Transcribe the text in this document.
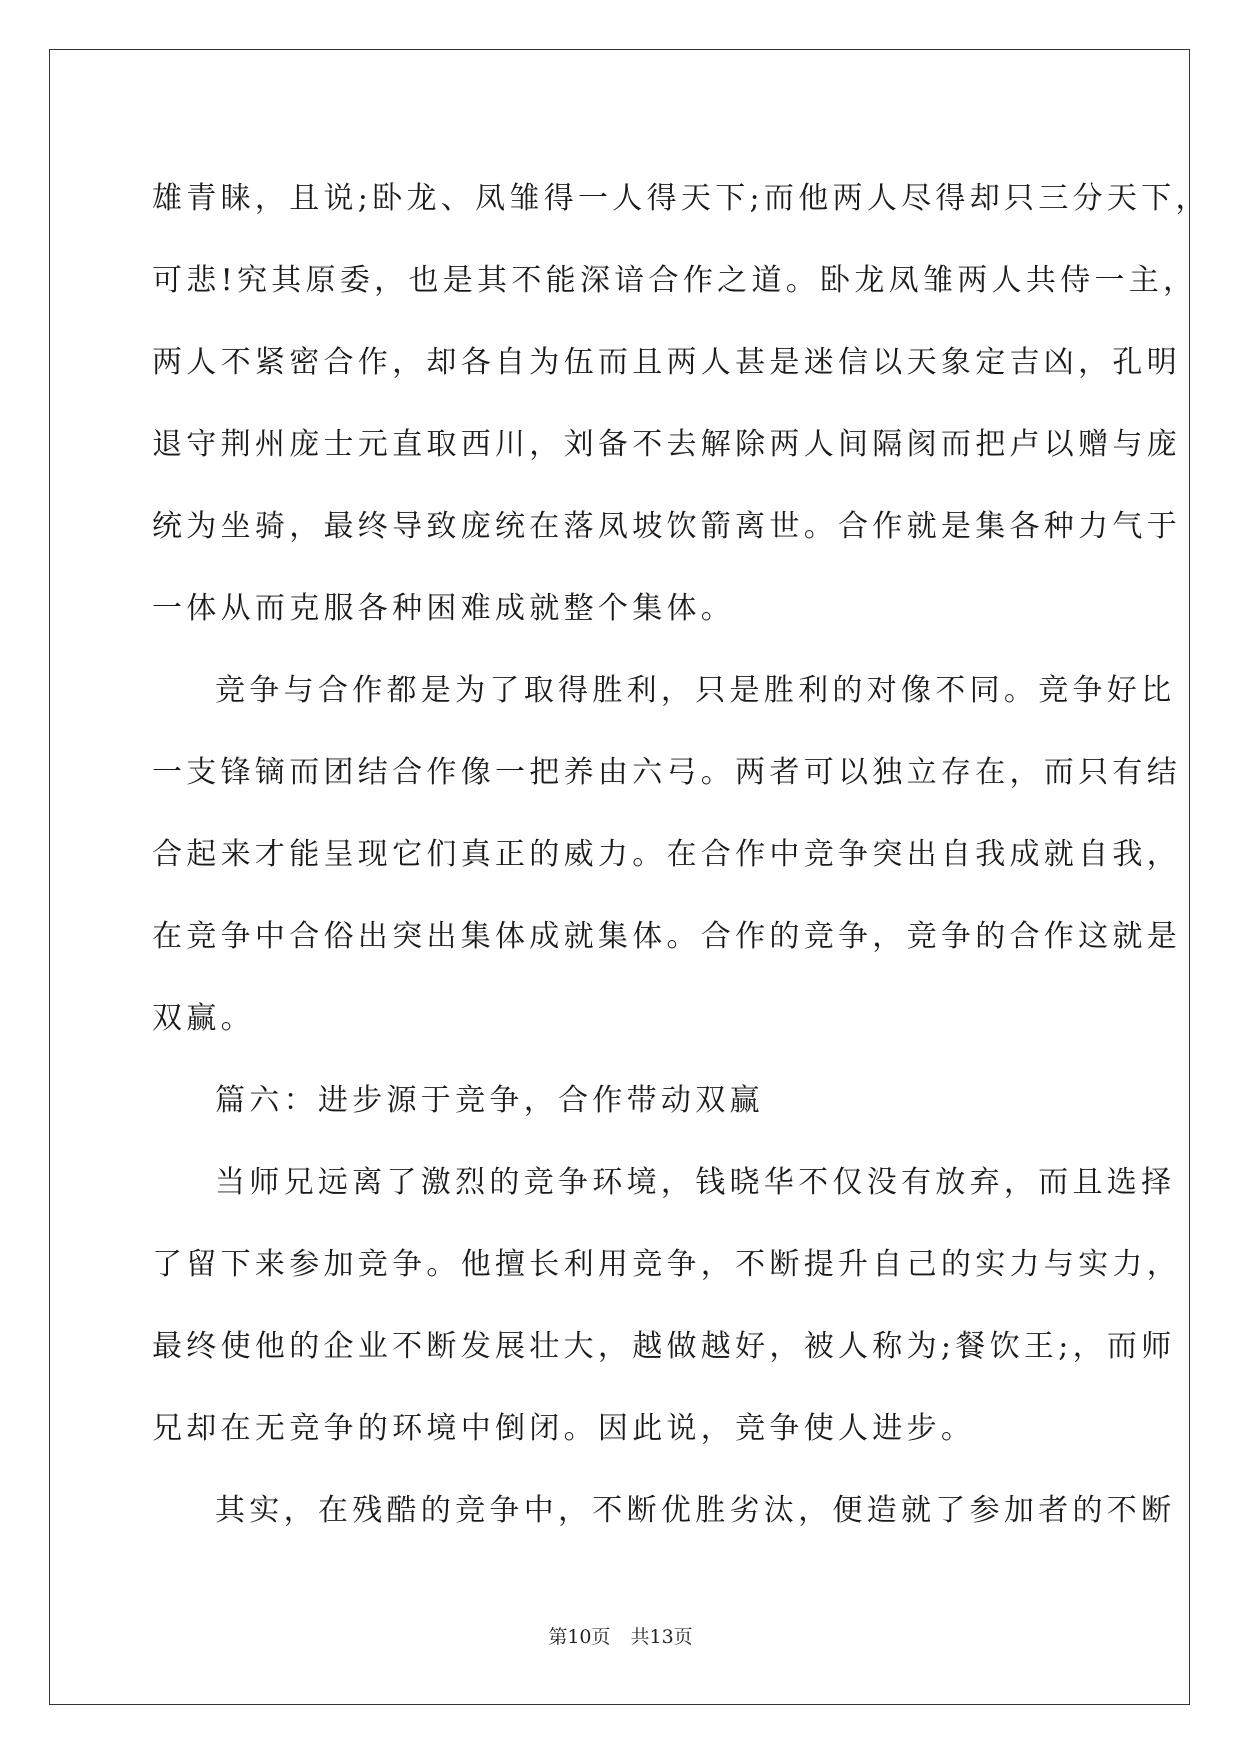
雄青睐，且说;卧龙、凤雏得一人得天下;而他两人尽得却只三分天下，
可悲!究其原委，也是其不能深谙合作之道。卧龙凤雏两人共侍一主，
两人不紧密合作，却各自为伍而且两人甚是迷信以天象定吉凶，孔明
退守荆州庞士元直取西川，刘备不去解除两人间隔阂而把卢以赠与庞
统为坐骑，最终导致庞统在落凤坡饮箭离世。合作就是集各种力气于
一体从而克服各种困难成就整个集体。
竞争与合作都是为了取得胜利，只是胜利的对像不同。竞争好比
一支锋镝而团结合作像一把养由六弓。两者可以独立存在，而只有结
合起来才能呈现它们真正的威力。在合作中竞争突出自我成就自我，
在竞争中合俗出突出集体成就集体。合作的竞争，竞争的合作这就是
双赢。
篇六：进步源于竞争，合作带动双赢
当师兄远离了激烈的竞争环境，钱晓华不仅没有放弃，而且选择
了留下来参加竞争。他擅长利用竞争，不断提升自己的实力与实力，
最终使他的企业不断发展壮大，越做越好，被人称为;餐饮王;，而师
兄却在无竞争的环境中倒闭。因此说，竞争使人进步。
其实，在残酷的竞争中，不断优胜劣汰，便造就了参加者的不断
第10页 共13页
